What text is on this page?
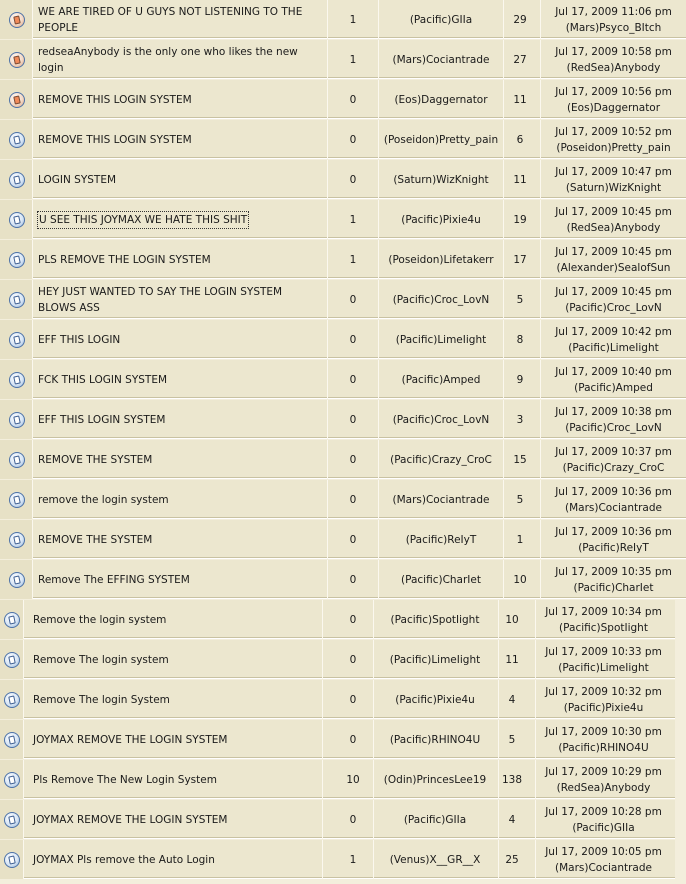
WE ARE TIRED OF U GUYS NOT LISTENING TO THE PEOPLE
1	(Pacific)GIIa	29
Jul 17, 2009 11:06 pm
(Mars)Psyco_BItch
redseaAnybody is the only one who likes the new login
1	(Mars)Cociantrade	27
Jul 17, 2009 10:58 pm
(RedSea)Anybody
REMOVE THIS LOGIN SYSTEM	0	(Eos)Daggernator	11
Jul 17, 2009 10:56 pm
(Eos)Daggernator
REMOVE THIS LOGIN SYSTEM	0	(Poseidon)Pretty_pain	6
Jul 17, 2009 10:52 pm
(Poseidon)Pretty_pain
LOGIN SYSTEM	0	(Saturn)WizKnight	11
Jul 17, 2009 10:47 pm
(Saturn)WizKnight
U SEE THIS JOYMAX WE HATE THIS SHIT	1	(Pacific)Pixie4u	19
Jul 17, 2009 10:45 pm
(RedSea)Anybody
PLS REMOVE THE LOGIN SYSTEM	1	(Poseidon)Lifetakerr	17
Jul 17, 2009 10:45 pm
(Alexander)SealofSun
HEY JUST WANTED TO SAY THE LOGIN SYSTEM BLOWS ASS
0	(Pacific)Croc_LovN	5
Jul 17, 2009 10:45 pm
(Pacific)Croc_LovN
EFF THIS LOGIN	0	(Pacific)LimeIight	8
Jul 17, 2009 10:42 pm
(Pacific)LimeIight
FCK THIS LOGIN SYSTEM	0	(Pacific)Amped	9
Jul 17, 2009 10:40 pm
(Pacific)Amped
EFF THIS LOGIN SYSTEM	0	(Pacific)Croc_LovN	3
Jul 17, 2009 10:38 pm
(Pacific)Croc_LovN
REMOVE THE SYSTEM	0	(Pacific)Crazy_CroC	15
Jul 17, 2009 10:37 pm
(Pacific)Crazy_CroC
remove the login system	0	(Mars)Cociantrade	5
Jul 17, 2009 10:36 pm
(Mars)Cociantrade
REMOVE THE SYSTEM	0	(Pacific)ReIyT	1
Jul 17, 2009 10:36 pm
(Pacific)ReIyT
Remove The EFFING SYSTEM	0	(Pacific)CharIet	10
Jul 17, 2009 10:35 pm
(Pacific)CharIet
Remove the login system	0	(Pacific)SpotIight	10
Jul 17, 2009 10:34 pm
(Pacific)SpotIight
Remove The login system	0	(Pacific)LimeIight	11
Jul 17, 2009 10:33 pm
(Pacific)LimeIight
Remove The login System	0	(Pacific)Pixie4u	4
Jul 17, 2009 10:32 pm
(Pacific)Pixie4u
JOYMAX REMOVE THE LOGIN SYSTEM	0	(Pacific)RHINO4U	5
Jul 17, 2009 10:30 pm
(Pacific)RHINO4U
Pls Remove The New Login System	10	(Odin)PrincesLee19	138
Jul 17, 2009 10:29 pm
(RedSea)Anybody
JOYMAX REMOVE THE LOGIN SYSTEM	0	(Pacific)GIIa	4
Jul 17, 2009 10:28 pm
(Pacific)GIIa
JOYMAX Pls remove the Auto Login	1	(Venus)X__GR__X	25
Jul 17, 2009 10:05 pm
(Mars)Cociantrade
